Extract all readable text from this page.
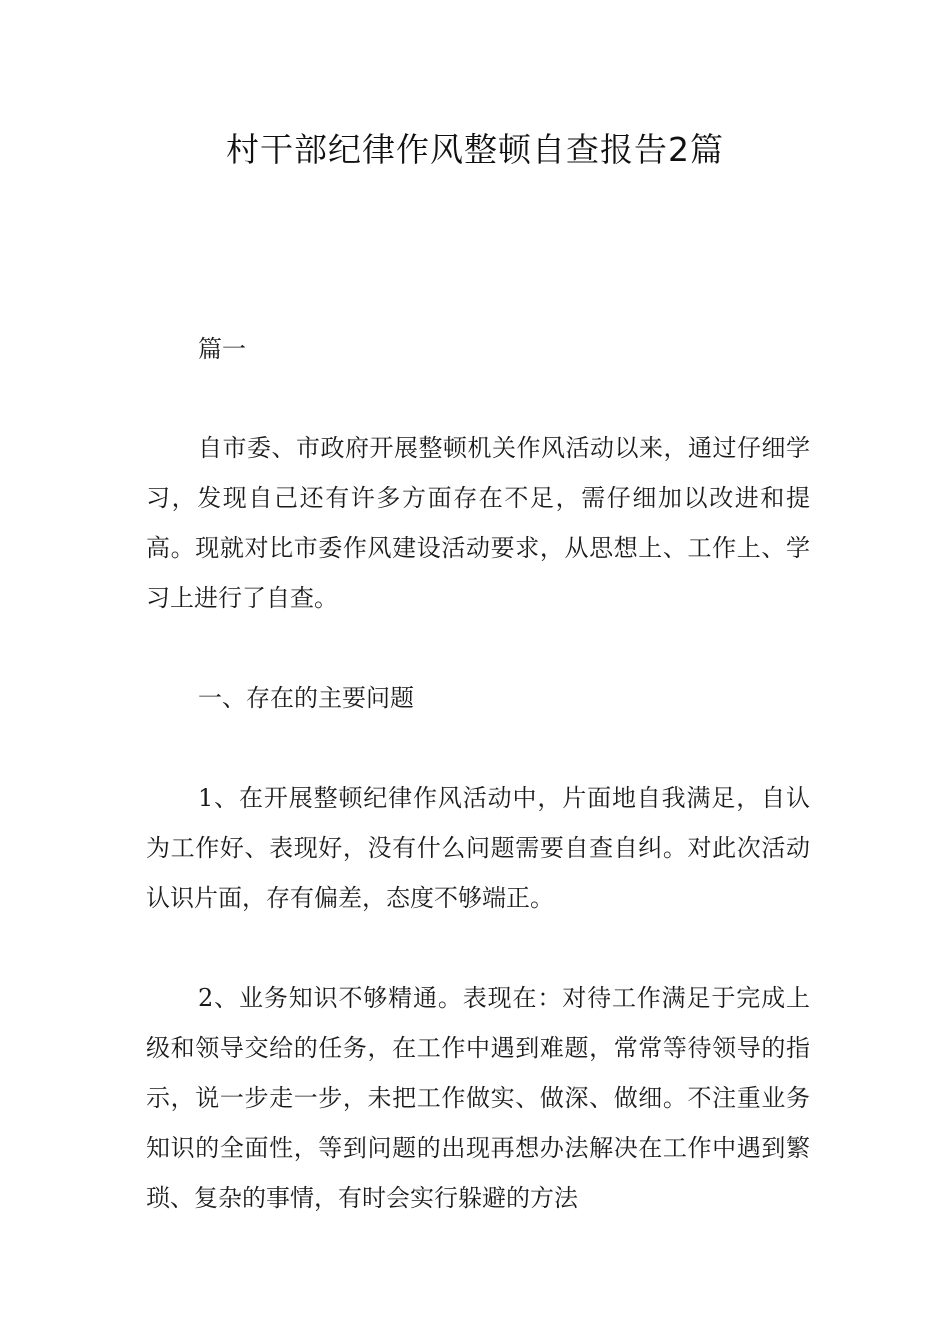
村干部纪律作风整顿自查报告2篇

篇一

自市委、市政府开展整顿机关作风活动以来，通过仔细学习，发现自己还有许多方面存在不足，需仔细加以改进和提高。现就对比市委作风建设活动要求，从思想上、工作上、学习上进行了自查。

一、存在的主要问题

1、在开展整顿纪律作风活动中，片面地自我满足，自认为工作好、表现好，没有什么问题需要自查自纠。对此次活动认识片面，存有偏差，态度不够端正。

2、业务知识不够精通。表现在：对待工作满足于完成上级和领导交给的任务，在工作中遇到难题，常常等待领导的指示，说一步走一步，未把工作做实、做深、做细。不注重业务知识的全面性，等到问题的出现再想办法解决在工作中遇到繁琐、复杂的事情，有时会实行躲避的方法
